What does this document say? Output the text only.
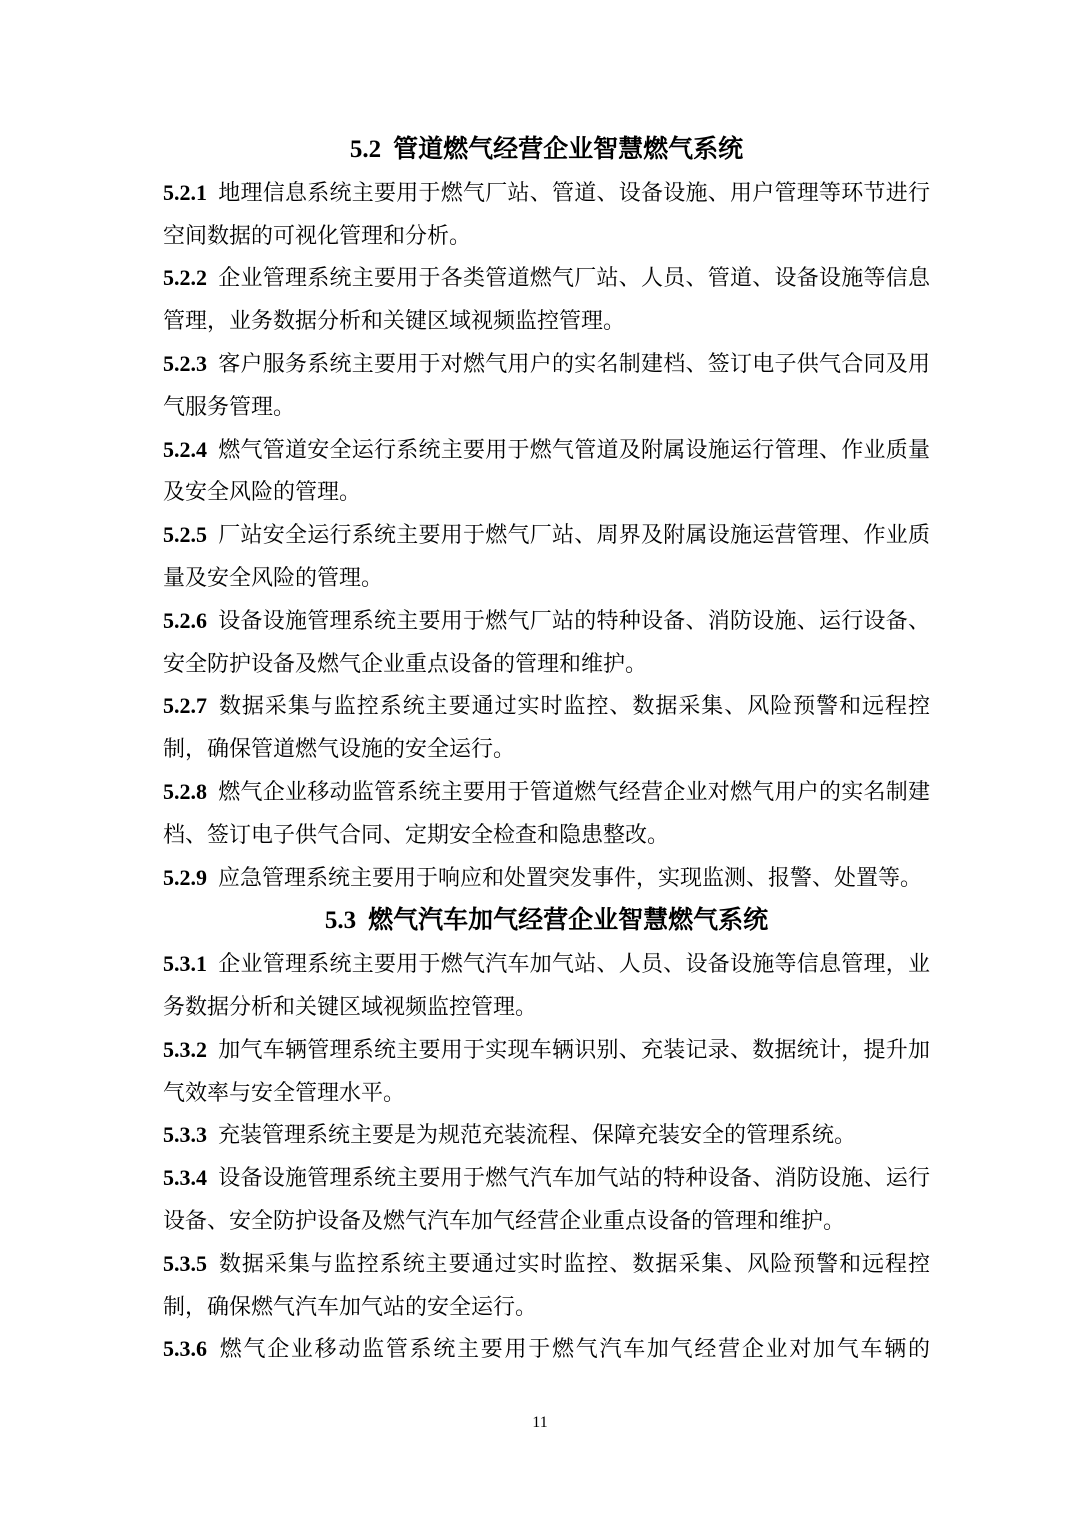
5.2 管道燃气经营企业智慧燃气系统

5.2.1 地理信息系统主要用于燃气厂站、管道、设备设施、用户管理等环节进行空间数据的可视化管理和分析。

5.2.2 企业管理系统主要用于各类管道燃气厂站、人员、管道、设备设施等信息管理，业务数据分析和关键区域视频监控管理。

5.2.3 客户服务系统主要用于对燃气用户的实名制建档、签订电子供气合同及用气服务管理。

5.2.4 燃气管道安全运行系统主要用于燃气管道及附属设施运行管理、作业质量及安全风险的管理。

5.2.5 厂站安全运行系统主要用于燃气厂站、周界及附属设施运营管理、作业质量及安全风险的管理。

5.2.6 设备设施管理系统主要用于燃气厂站的特种设备、消防设施、运行设备、安全防护设备及燃气企业重点设备的管理和维护。

5.2.7 数据采集与监控系统主要通过实时监控、数据采集、风险预警和远程控制，确保管道燃气设施的安全运行。

5.2.8 燃气企业移动监管系统主要用于管道燃气经营企业对燃气用户的实名制建档、签订电子供气合同、定期安全检查和隐患整改。

5.2.9 应急管理系统主要用于响应和处置突发事件，实现监测、报警、处置等。

5.3 燃气汽车加气经营企业智慧燃气系统

5.3.1 企业管理系统主要用于燃气汽车加气站、人员、设备设施等信息管理，业务数据分析和关键区域视频监控管理。

5.3.2 加气车辆管理系统主要用于实现车辆识别、充装记录、数据统计，提升加气效率与安全管理水平。

5.3.3 充装管理系统主要是为规范充装流程、保障充装安全的管理系统。

5.3.4 设备设施管理系统主要用于燃气汽车加气站的特种设备、消防设施、运行设备、安全防护设备及燃气汽车加气经营企业重点设备的管理和维护。

5.3.5 数据采集与监控系统主要通过实时监控、数据采集、风险预警和远程控制，确保燃气汽车加气站的安全运行。

5.3.6 燃气企业移动监管系统主要用于燃气汽车加气经营企业对加气车辆的

11
